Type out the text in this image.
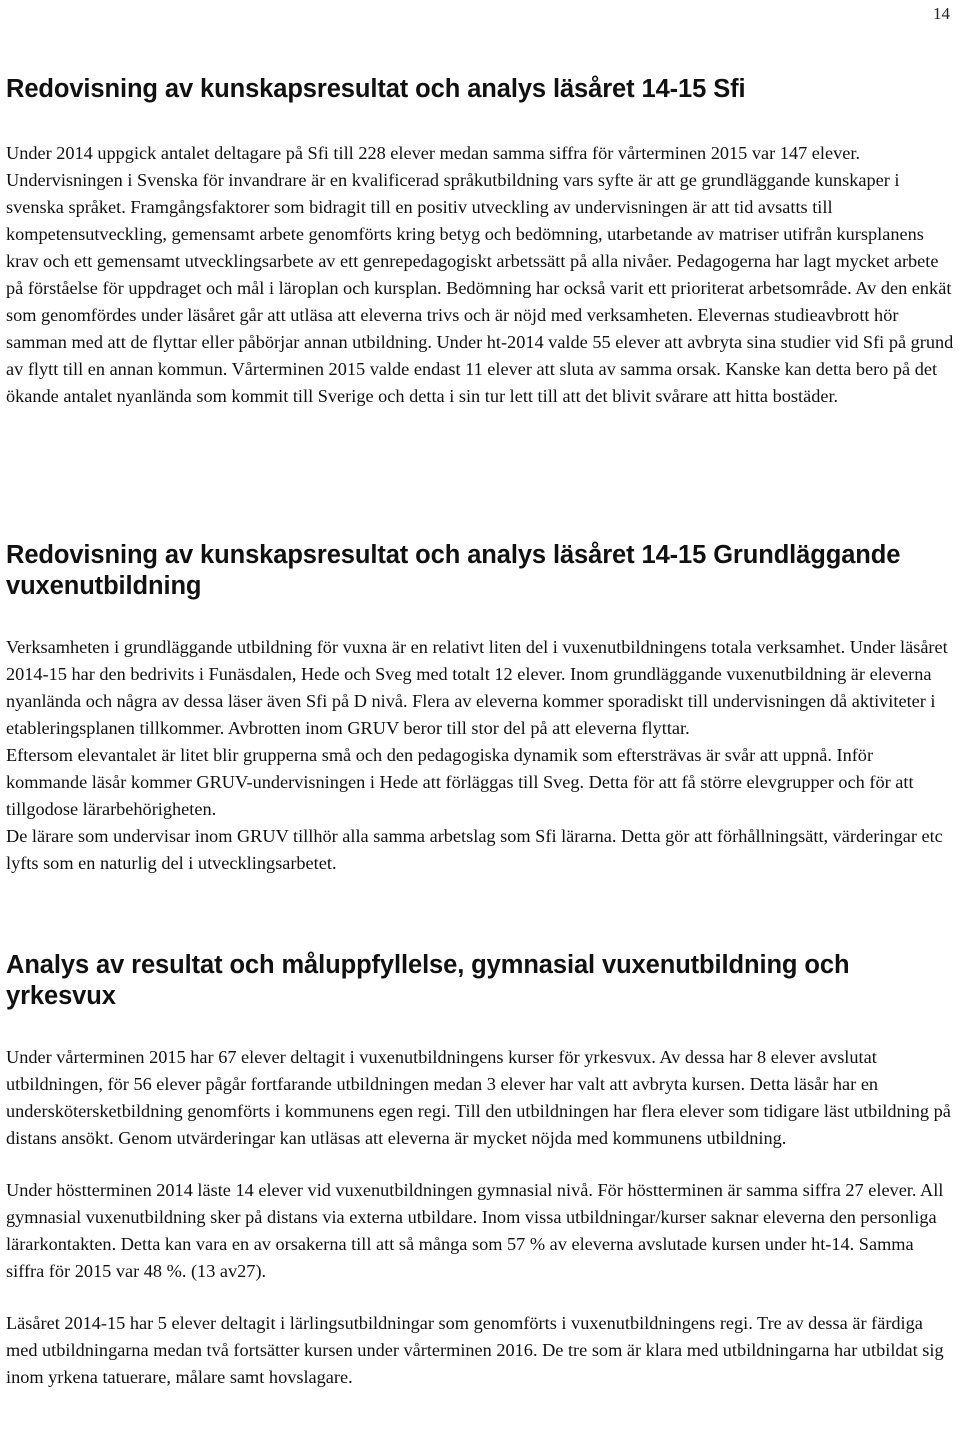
14
Redovisning av kunskapsresultat och analys läsåret 14-15 Sfi

Under 2014 uppgick antalet deltagare på Sfi till 228 elever medan samma siffra för vårterminen 2015 var 147 elever. Undervisningen i Svenska för invandrare är en kvalificerad språkutbildning vars syfte är att ge grundläggande kunskaper i svenska språket. Framgångsfaktorer som bidragit till en positiv utveckling av undervisningen är att tid avsatts till kompetensutveckling, gemensamt arbete genomförts kring betyg och bedömning, utarbetande av matriser utifrån kursplanens krav och ett gemensamt utvecklingsarbete av ett genrepedagogiskt arbetssätt på alla nivåer. Pedagogerna har lagt mycket arbete på förståelse för uppdraget och mål i läroplan och kursplan. Bedömning har också varit ett prioriterat arbetsområde. Av den enkät som genomfördes under läsåret går att utläsa att eleverna trivs och är nöjd med verksamheten. Elevernas studieavbrott hör samman med att de flyttar eller påbörjar annan utbildning. Under ht-2014 valde 55 elever att avbryta sina studier vid Sfi på grund av flytt till en annan kommun. Vårterminen 2015 valde endast 11 elever att sluta av samma orsak. Kanske kan detta bero på det ökande antalet nyanlända som kommit till Sverige och detta i sin tur lett till att det blivit svårare att hitta bostäder.

Redovisning av kunskapsresultat och analys läsåret 14-15 Grundläggande vuxenutbildning

Verksamheten i grundläggande utbildning för vuxna är en relativt liten del i vuxenutbildningens totala verksamhet. Under läsåret 2014-15 har den bedrivits i Funäsdalen, Hede och Sveg med totalt 12 elever. Inom grundläggande vuxenutbildning är eleverna nyanlända och några av dessa läser även Sfi på D nivå. Flera av eleverna kommer sporadiskt till undervisningen då aktiviteter i etableringsplanen tillkommer. Avbrotten inom GRUV beror till stor del på att eleverna flyttar.

Eftersom elevantalet är litet blir grupperna små och den pedagogiska dynamik som eftersträvas är svår att uppnå. Inför kommande läsår kommer GRUV-undervisningen i Hede att förläggas till Sveg. Detta för att få större elevgrupper och för att tillgodose lärarbehörigheten.

De lärare som undervisar inom GRUV tillhör alla samma arbetslag som Sfi lärarna. Detta gör att förhållningsätt, värderingar etc lyfts som en naturlig del i utvecklingsarbetet.

Analys av resultat och måluppfyllelse, gymnasial vuxenutbildning och yrkesvux

Under vårterminen 2015 har 67 elever deltagit i vuxenutbildningens kurser för yrkesvux. Av dessa har 8 elever avslutat utbildningen, för 56 elever pågår fortfarande utbildningen medan 3 elever har valt att avbryta kursen. Detta läsår har en underskötersketbildning genomförts i kommunens egen regi. Till den utbildningen har flera elever som tidigare läst utbildning på distans ansökt. Genom utvärderingar kan utläsas att eleverna är mycket nöjda med kommunens utbildning.

Under höstterminen 2014 läste 14 elever vid vuxenutbildningen gymnasial nivå. För höstterminen är samma siffra 27 elever. All gymnasial vuxenutbildning sker på distans via externa utbildare. Inom vissa utbildningar/kurser saknar eleverna den personliga lärarkontakten. Detta kan vara en av orsakerna till att så många som 57 % av eleverna avslutade kursen under ht-14. Samma siffra för 2015 var 48 %. (13 av27).

Läsåret 2014-15 har 5 elever deltagit i lärlingsutbildningar som genomförts i vuxenutbildningens regi. Tre av dessa är färdiga med utbildningarna medan två fortsätter kursen under vårterminen 2016. De tre som är klara med utbildningarna har utbildat sig inom yrkena tatuerare, målare samt hovslagare.
